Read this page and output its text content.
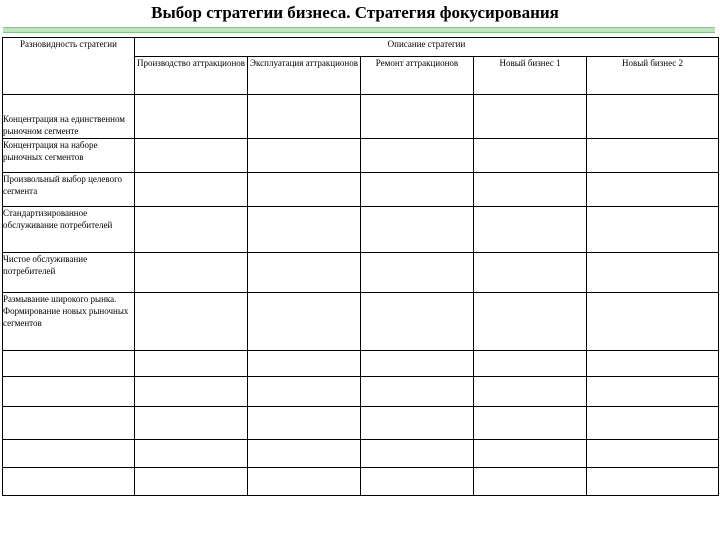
Выбор стратегии бизнеса. Стратегия фокусирования
Разновидность стратегии	Описание стратегии				
	Производство аттракционов	Эксплуатация аттракционов	Ремонт аттракционов	Новый бизнес 1	Новый бизнес 2
Концентрация на единственном рыночном сегменте					
Концентрация на наборе рыночных сегментов					
Произвольный выбор целевого сегмента					
Стандартизированное обслуживание потребителей					
Чистое обслуживание потребителей					
Размывание широкого рынка. Формирование новых рыночных сегментов					
